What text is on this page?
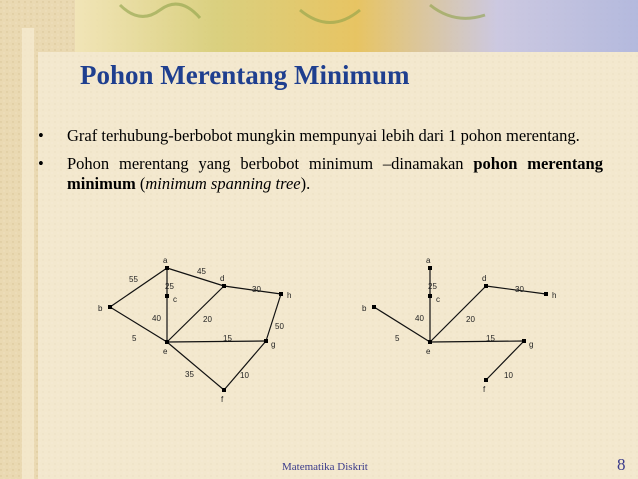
Pohon Merentang Minimum
• Graf terhubung-berbobot mungkin mempunyai lebih dari 1 pohon merentang.
• Pohon merentang yang berbobot minimum –dinamakan pohon merentang minimum (minimum spanning tree).
55
25
45
5
40	20
30
15
35	10
50
a
b
c
d
e
f
g
h
5
40
25
20
30
15
10
a
b
c
d
e
f
g
h
Matematika Diskrit	8
